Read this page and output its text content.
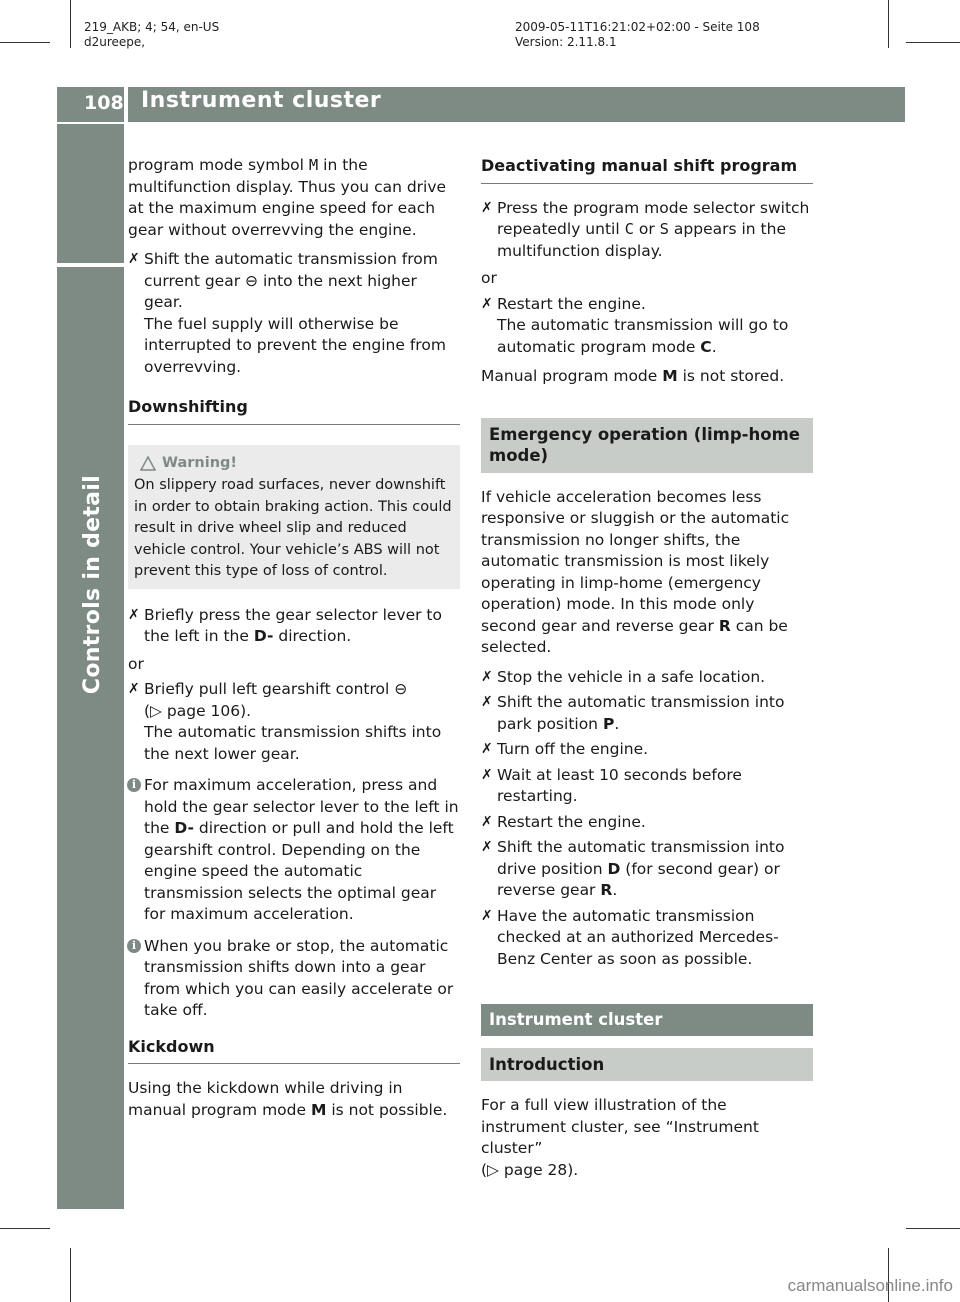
219_AKB; 4; 54, en-US
d2ureepe,
2009-05-11T16:21:02+02:00 - Seite 108
Version: 2.11.8.1
108 Instrument cluster
Controls in detail

program mode symbol M in the multifunction display. Thus you can drive at the maximum engine speed for each gear without overrevving the engine.

✗ Shift the automatic transmission from current gear ⊖ into the next higher gear.
The fuel supply will otherwise be interrupted to prevent the engine from overrevving.
Downshifting
Warning!
On slippery road surfaces, never downshift in order to obtain braking action. This could result in drive wheel slip and reduced vehicle control. Your vehicle’s ABS will not prevent this type of loss of control.
✗ Briefly press the gear selector lever to the left in the D- direction.

or

✗ Briefly pull left gearshift control ⊖
(▷ page 106).
The automatic transmission shifts into the next lower gear.
i For maximum acceleration, press and hold the gear selector lever to the left in the D- direction or pull and hold the left gearshift control. Depending on the engine speed the automatic transmission selects the optimal gear for maximum acceleration.
i When you brake or stop, the automatic transmission shifts down into a gear from which you can easily accelerate or take off.
Kickdown

Using the kickdown while driving in manual program mode M is not possible.

Deactivating manual shift program
✗ Press the program mode selector switch repeatedly until C or S appears in the multifunction display.

or

✗ Restart the engine.
The automatic transmission will go to automatic program mode C.

Manual program mode M is not stored.

Emergency operation (limp-home mode)

If vehicle acceleration becomes less responsive or sluggish or the automatic transmission no longer shifts, the automatic transmission is most likely operating in limp-home (emergency operation) mode. In this mode only second gear and reverse gear R can be selected.

✗ Stop the vehicle in a safe location.
✗ Shift the automatic transmission into park position P.
✗ Turn off the engine.
✗ Wait at least 10 seconds before restarting.
✗ Restart the engine.
✗ Shift the automatic transmission into drive position D (for second gear) or reverse gear R.
✗ Have the automatic transmission checked at an authorized Mercedes-Benz Center as soon as possible.
Instrument cluster
Introduction

For a full view illustration of the instrument cluster, see “Instrument cluster”
(▷ page 28).

carmanualsonline.info
